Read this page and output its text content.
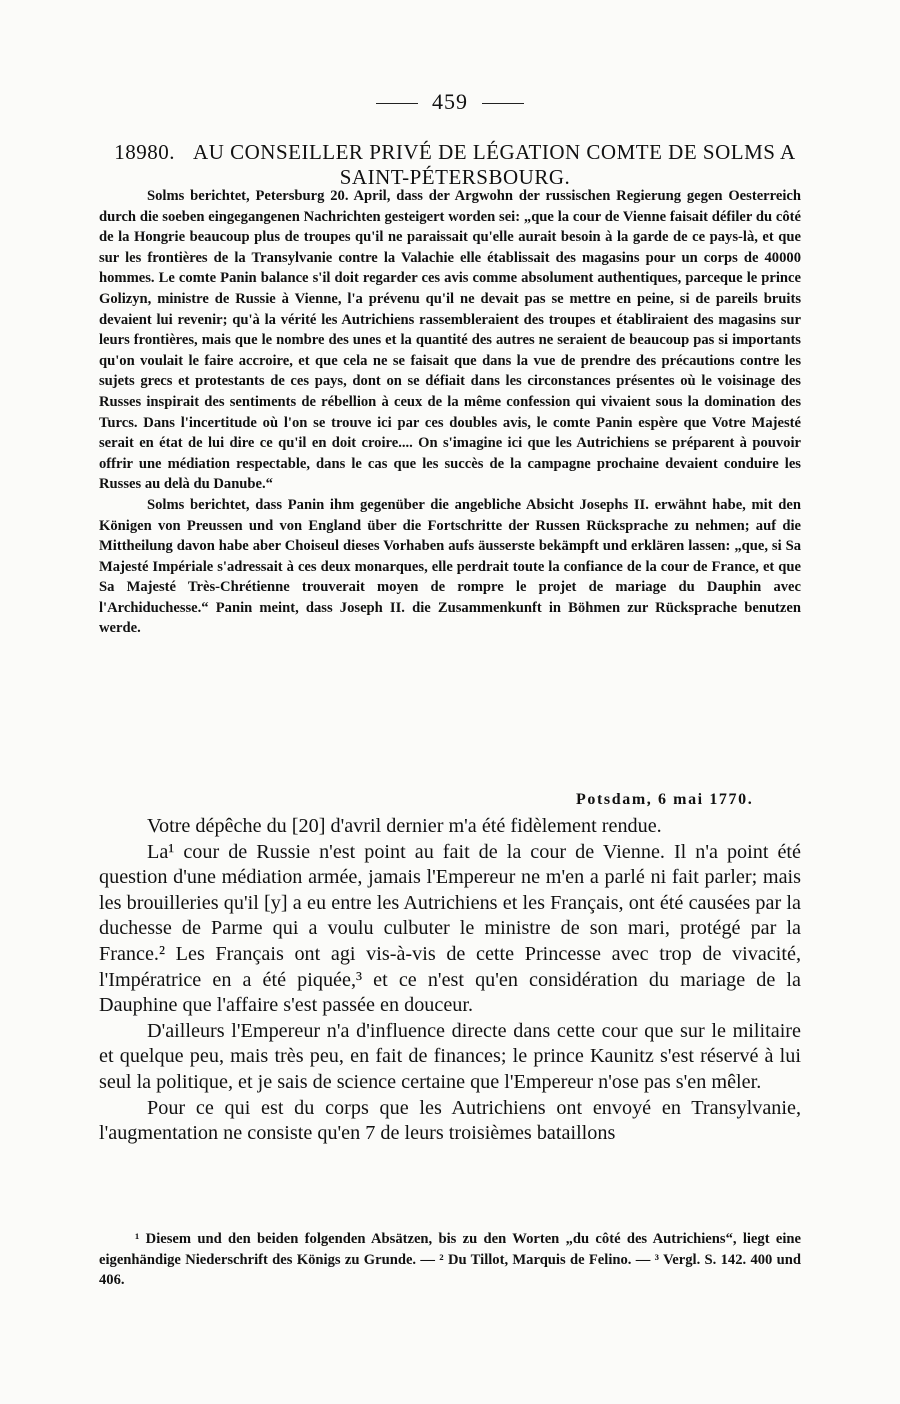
459
18980. AU CONSEILLER PRIVÉ DE LÉGATION COMTE DE SOLMS A SAINT-PÉTERSBOURG.

Solms berichtet, Petersburg 20. April, dass der Argwohn der russischen Regierung gegen Oesterreich durch die soeben eingegangenen Nachrichten gesteigert worden sei: „que la cour de Vienne faisait défiler du côté de la Hongrie beaucoup plus de troupes qu'il ne paraissait qu'elle aurait besoin à la garde de ce pays-là, et que sur les frontières de la Transylvanie contre la Valachie elle établissait des magasins pour un corps de 40000 hommes. Le comte Panin balance s'il doit regarder ces avis comme absolument authentiques, parceque le prince Golizyn, ministre de Russie à Vienne, l'a prévenu qu'il ne devait pas se mettre en peine, si de pareils bruits devaient lui revenir; qu'à la vérité les Autrichiens rassembleraient des troupes et établiraient des magasins sur leurs frontières, mais que le nombre des unes et la quantité des autres ne seraient de beaucoup pas si importants qu'on voulait le faire accroire, et que cela ne se faisait que dans la vue de prendre des précautions contre les sujets grecs et protestants de ces pays, dont on se défiait dans les circonstances présentes où le voisinage des Russes inspirait des sentiments de rébellion à ceux de la même confession qui vivaient sous la domination des Turcs. Dans l'incertitude où l'on se trouve ici par ces doubles avis, le comte Panin espère que Votre Majesté serait en état de lui dire ce qu'il en doit croire.... On s'imagine ici que les Autrichiens se préparent à pouvoir offrir une médiation respectable, dans le cas que les succès de la campagne prochaine devaient conduire les Russes au delà du Danube.“

Solms berichtet, dass Panin ihm gegenüber die angebliche Absicht Josephs II. erwähnt habe, mit den Königen von Preussen und von England über die Fortschritte der Russen Rücksprache zu nehmen; auf die Mittheilung davon habe aber Choiseul dieses Vorhaben aufs äusserste bekämpft und erklären lassen: „que, si Sa Majesté Impériale s'adressait à ces deux monarques, elle perdrait toute la confiance de la cour de France, et que Sa Majesté Très-Chrétienne trouverait moyen de rompre le projet de mariage du Dauphin avec l'Archiduchesse.“ Panin meint, dass Joseph II. die Zusammenkunft in Böhmen zur Rücksprache benutzen werde.

Potsdam, 6 mai 1770.

Votre dépêche du [20] d'avril dernier m'a été fidèlement rendue.

La¹ cour de Russie n'est point au fait de la cour de Vienne. Il n'a point été question d'une médiation armée, jamais l'Empereur ne m'en a parlé ni fait parler; mais les brouilleries qu'il [y] a eu entre les Autrichiens et les Français, ont été causées par la duchesse de Parme qui a voulu culbuter le ministre de son mari, protégé par la France.² Les Français ont agi vis-à-vis de cette Princesse avec trop de vivacité, l'Impératrice en a été piquée,³ et ce n'est qu'en considération du mariage de la Dauphine que l'affaire s'est passée en douceur.

D'ailleurs l'Empereur n'a d'influence directe dans cette cour que sur le militaire et quelque peu, mais très peu, en fait de finances; le prince Kaunitz s'est réservé à lui seul la politique, et je sais de science certaine que l'Empereur n'ose pas s'en mêler.

Pour ce qui est du corps que les Autrichiens ont envoyé en Transylvanie, l'augmentation ne consiste qu'en 7 de leurs troisièmes bataillons

¹ Diesem und den beiden folgenden Absätzen, bis zu den Worten „du côté des Autrichiens“, liegt eine eigenhändige Niederschrift des Königs zu Grunde. — ² Du Tillot, Marquis de Felino. — ³ Vergl. S. 142. 400 und 406.
